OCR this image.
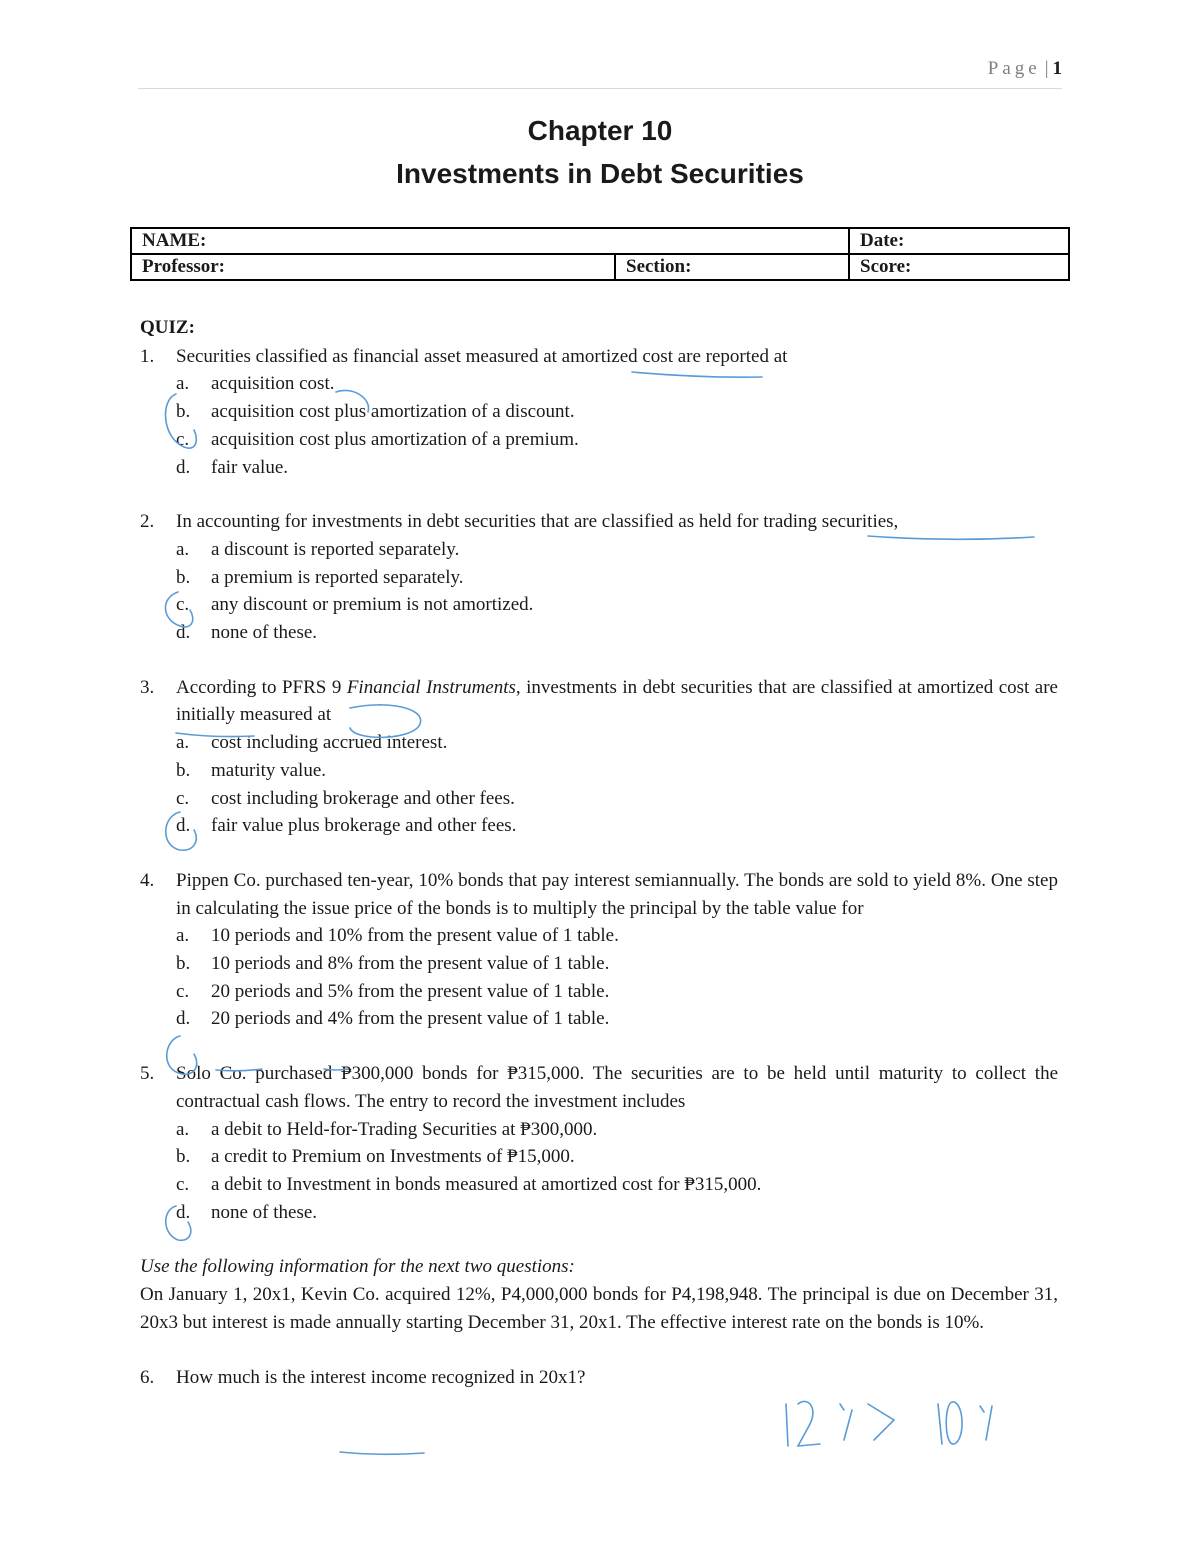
Page | 1
Chapter 10
Investments in Debt Securities
NAME:		Date:
Professor:	Section:	Score:
QUIZ:
1.	Securities classified as financial asset measured at amortized cost are reported at
a.	acquisition cost.
b.	acquisition cost plus amortization of a discount.
c.	acquisition cost plus amortization of a premium.
d.	fair value.
2.	In accounting for investments in debt securities that are classified as held for trading securities,
a.	a discount is reported separately.
b.	a premium is reported separately.
c.	any discount or premium is not amortized.
d.	none of these.
3.	According to PFRS 9 Financial Instruments, investments in debt securities that are classified at amortized cost are initially measured at
a.	cost including accrued interest.
b.	maturity value.
c.	cost including brokerage and other fees.
d.	fair value plus brokerage and other fees.
4.	Pippen Co. purchased ten-year, 10% bonds that pay interest semiannually. The bonds are sold to yield 8%. One step in calculating the issue price of the bonds is to multiply the principal by the table value for
a.	10 periods and 10% from the present value of 1 table.
b.	10 periods and 8% from the present value of 1 table.
c.	20 periods and 5% from the present value of 1 table.
d.	20 periods and 4% from the present value of 1 table.
5.	Solo Co. purchased ₱300,000 bonds for ₱315,000. The securities are to be held until maturity to collect the contractual cash flows. The entry to record the investment includes
a.	a debit to Held-for-Trading Securities at ₱300,000.
b.	a credit to Premium on Investments of ₱15,000.
c.	a debit to Investment in bonds measured at amortized cost for ₱315,000.
d.	none of these.
Use the following information for the next two questions:
On January 1, 20x1, Kevin Co. acquired 12%, P4,000,000 bonds for P4,198,948. The principal is due on December 31, 20x3 but interest is made annually starting December 31, 20x1. The effective interest rate on the bonds is 10%.
6.	How much is the interest income recognized in 20x1?
